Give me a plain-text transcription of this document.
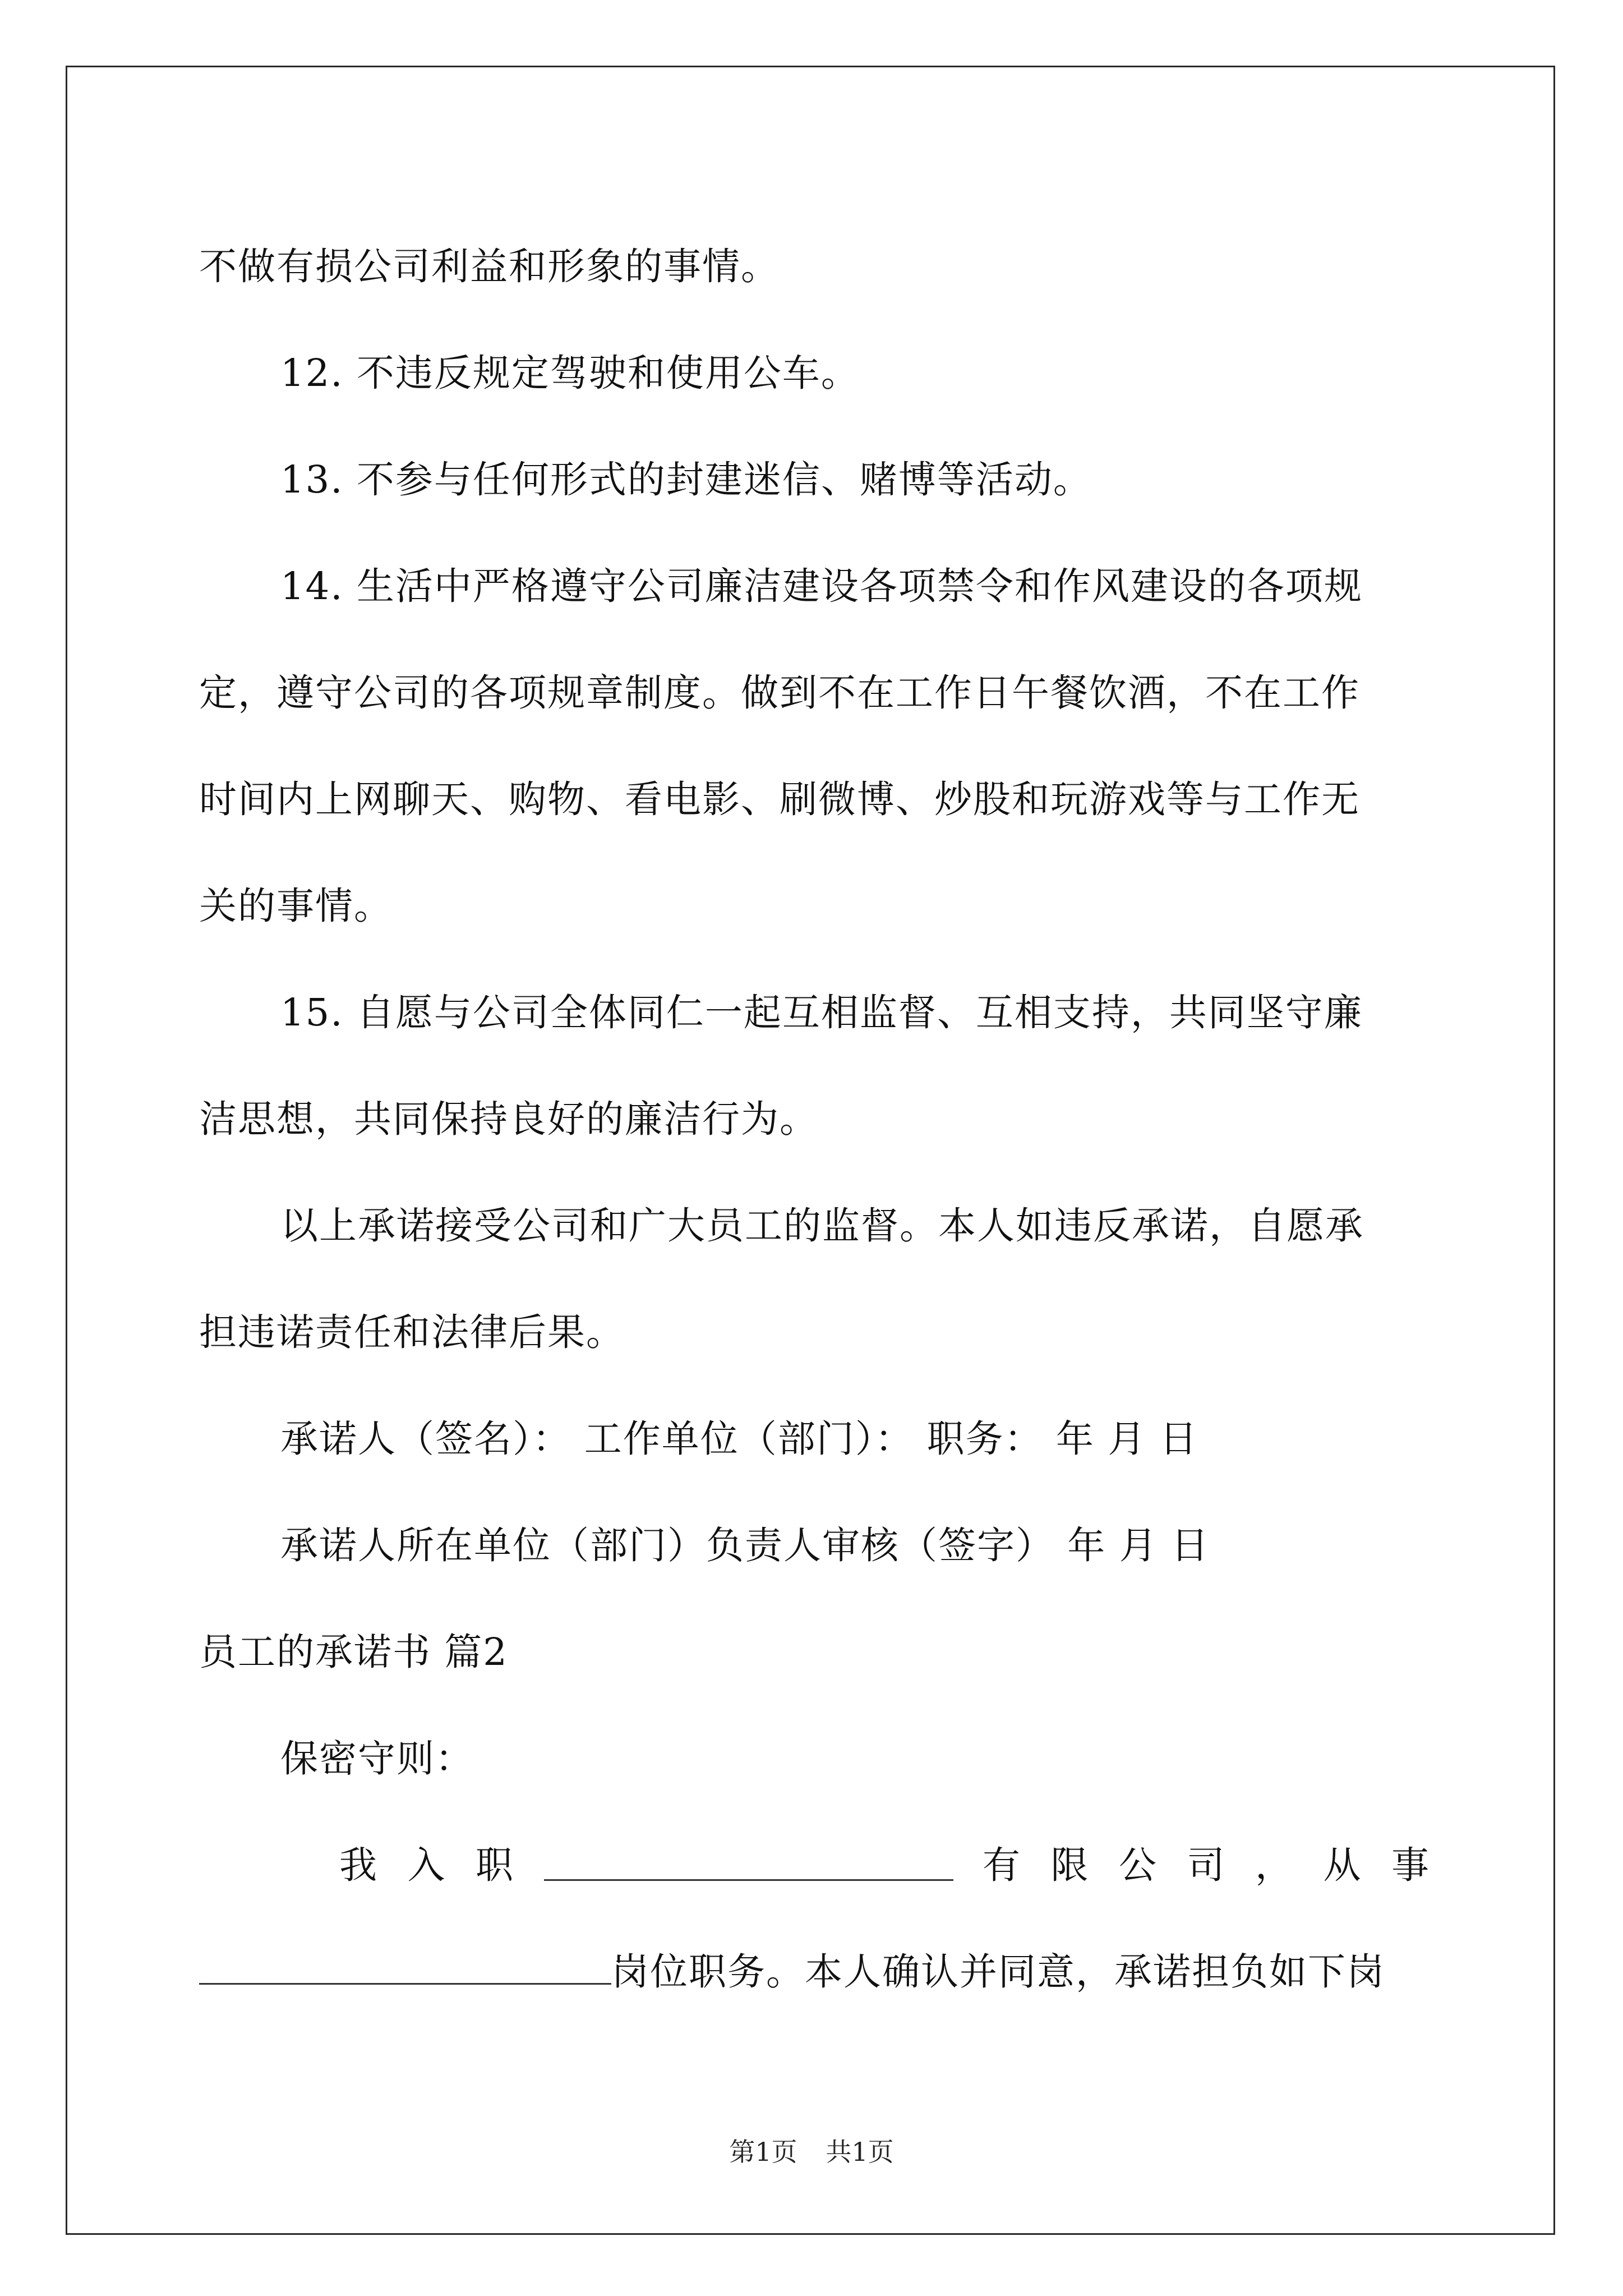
不做有损公司利益和形象的事情。
12. 不违反规定驾驶和使用公车。
13. 不参与任何形式的封建迷信、赌博等活动。
14. 生活中严格遵守公司廉洁建设各项禁令和作风建设的各项规
定，遵守公司的各项规章制度。做到不在工作日午餐饮酒，不在工作
时间内上网聊天、购物、看电影、刷微博、炒股和玩游戏等与工作无
关的事情。
15. 自愿与公司全体同仁一起互相监督、互相支持，共同坚守廉
洁思想，共同保持良好的廉洁行为。
以上承诺接受公司和广大员工的监督。本人如违反承诺，自愿承
担违诺责任和法律后果。
承诺人（签名）： 工作单位（部门）： 职务： 年 月 日
承诺人所在单位（部门）负责人审核（签字） 年 月 日
员工的承诺书 篇2
保密守则：
我 入 职	有 限 公 司 ， 从 事
岗位职务。本人确认并同意，承诺担负如下岗
第1页 共1页
